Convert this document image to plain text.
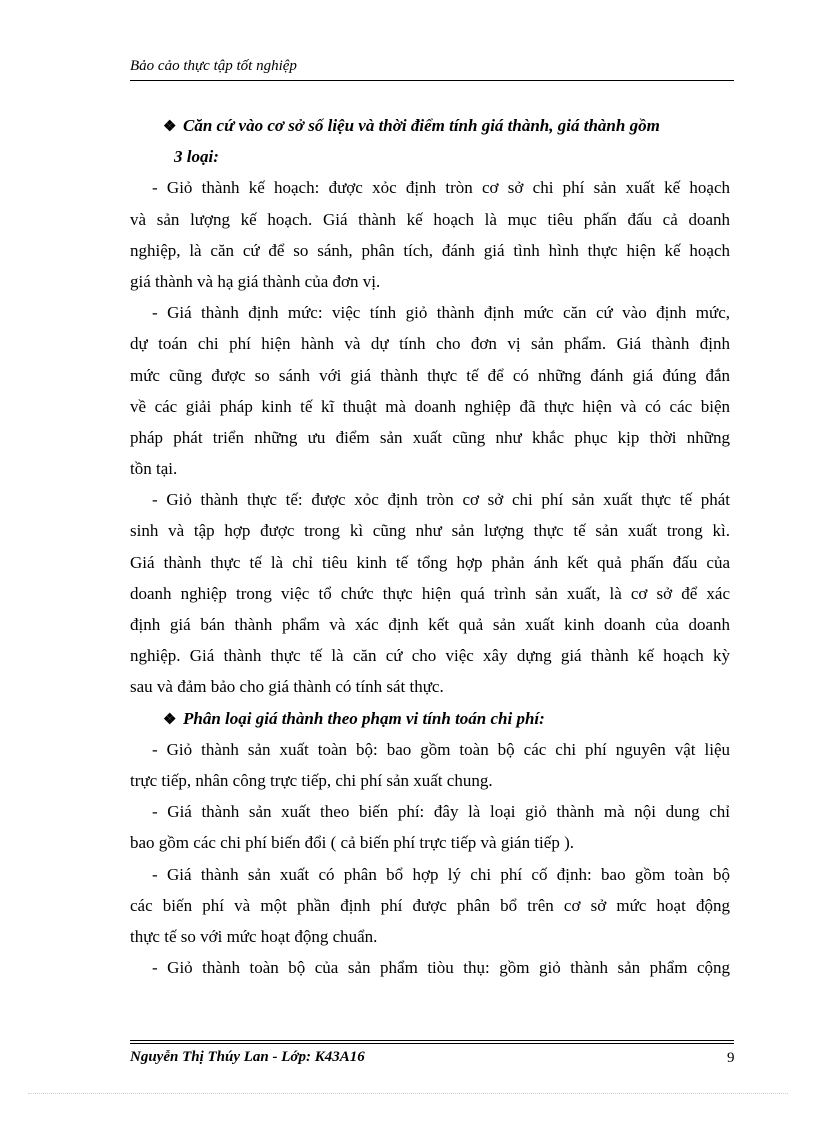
Bảo cảo thực tập tốt nghiệp
❖ Căn cứ vào cơ sở số liệu và thời điểm tính giá thành, giá thành gồm
3 loại:
- Giỏ thành kế hoạch: được xỏc định tròn cơ sở chi phí sản xuất kế hoạch
và sản lượng kế hoạch. Giá thành kế hoạch là mục tiêu phấn đấu cả doanh
nghiệp, là căn cứ để so sánh, phân tích, đánh giá tình hình thực hiện kế hoạch
giá thành và hạ giá thành của đơn vị.
- Giá thành định mức: việc tính giỏ thành định mức căn cứ vào định mức,
dự toán chi phí hiện hành và dự tính cho đơn vị sản phẩm. Giá thành định
mức cũng được so sánh với giá thành thực tế để có những đánh giá đúng đắn
về các giải pháp kinh tế kĩ thuật mà doanh nghiệp đã thực hiện và có các biện
pháp phát triển những ưu điểm sản xuất cũng như khắc phục kịp thời những
tồn tại.
- Giỏ thành thực tế: được xỏc định tròn cơ sở chi phí sản xuất thực tế phát
sinh và tập hợp được trong kì cũng như sản lượng thực tế sản xuất trong kì.
Giá thành thực tế là chỉ tiêu kinh tế tổng hợp phản ánh kết quả phấn đấu của
doanh nghiệp trong việc tổ chức thực hiện quá trình sản xuất, là cơ sở để xác
định giá bán thành phẩm và xác định kết quả sản xuất kinh doanh của doanh
nghiệp. Giá thành thực tế là căn cứ cho việc xây dựng giá thành kế hoạch kỳ
sau và đảm bảo cho giá thành có tính sát thực.
❖ Phân loại giá thành theo phạm vi tính toán chi phí:
- Giỏ thành sản xuất toàn bộ: bao gồm toàn bộ các chi phí nguyên vật liệu
trực tiếp, nhân công trực tiếp, chi phí sản xuất chung.
- Giá thành sản xuất theo biến phí: đây là loại giỏ thành mà nội dung chỉ
bao gồm các chi phí biến đổi ( cả biến phí trực tiếp và gián tiếp ).
- Giá thành sản xuất có phân bổ hợp lý chi phí cố định: bao gồm toàn bộ
các biến phí và một phần định phí được phân bổ trên cơ sở mức hoạt động
thực tế so với mức hoạt động chuẩn.
- Giỏ thành toàn bộ của sản phẩm tiòu thụ: gồm giỏ thành sản phẩm cộng
Nguyễn Thị Thúy Lan - Lớp: K43A16	9
